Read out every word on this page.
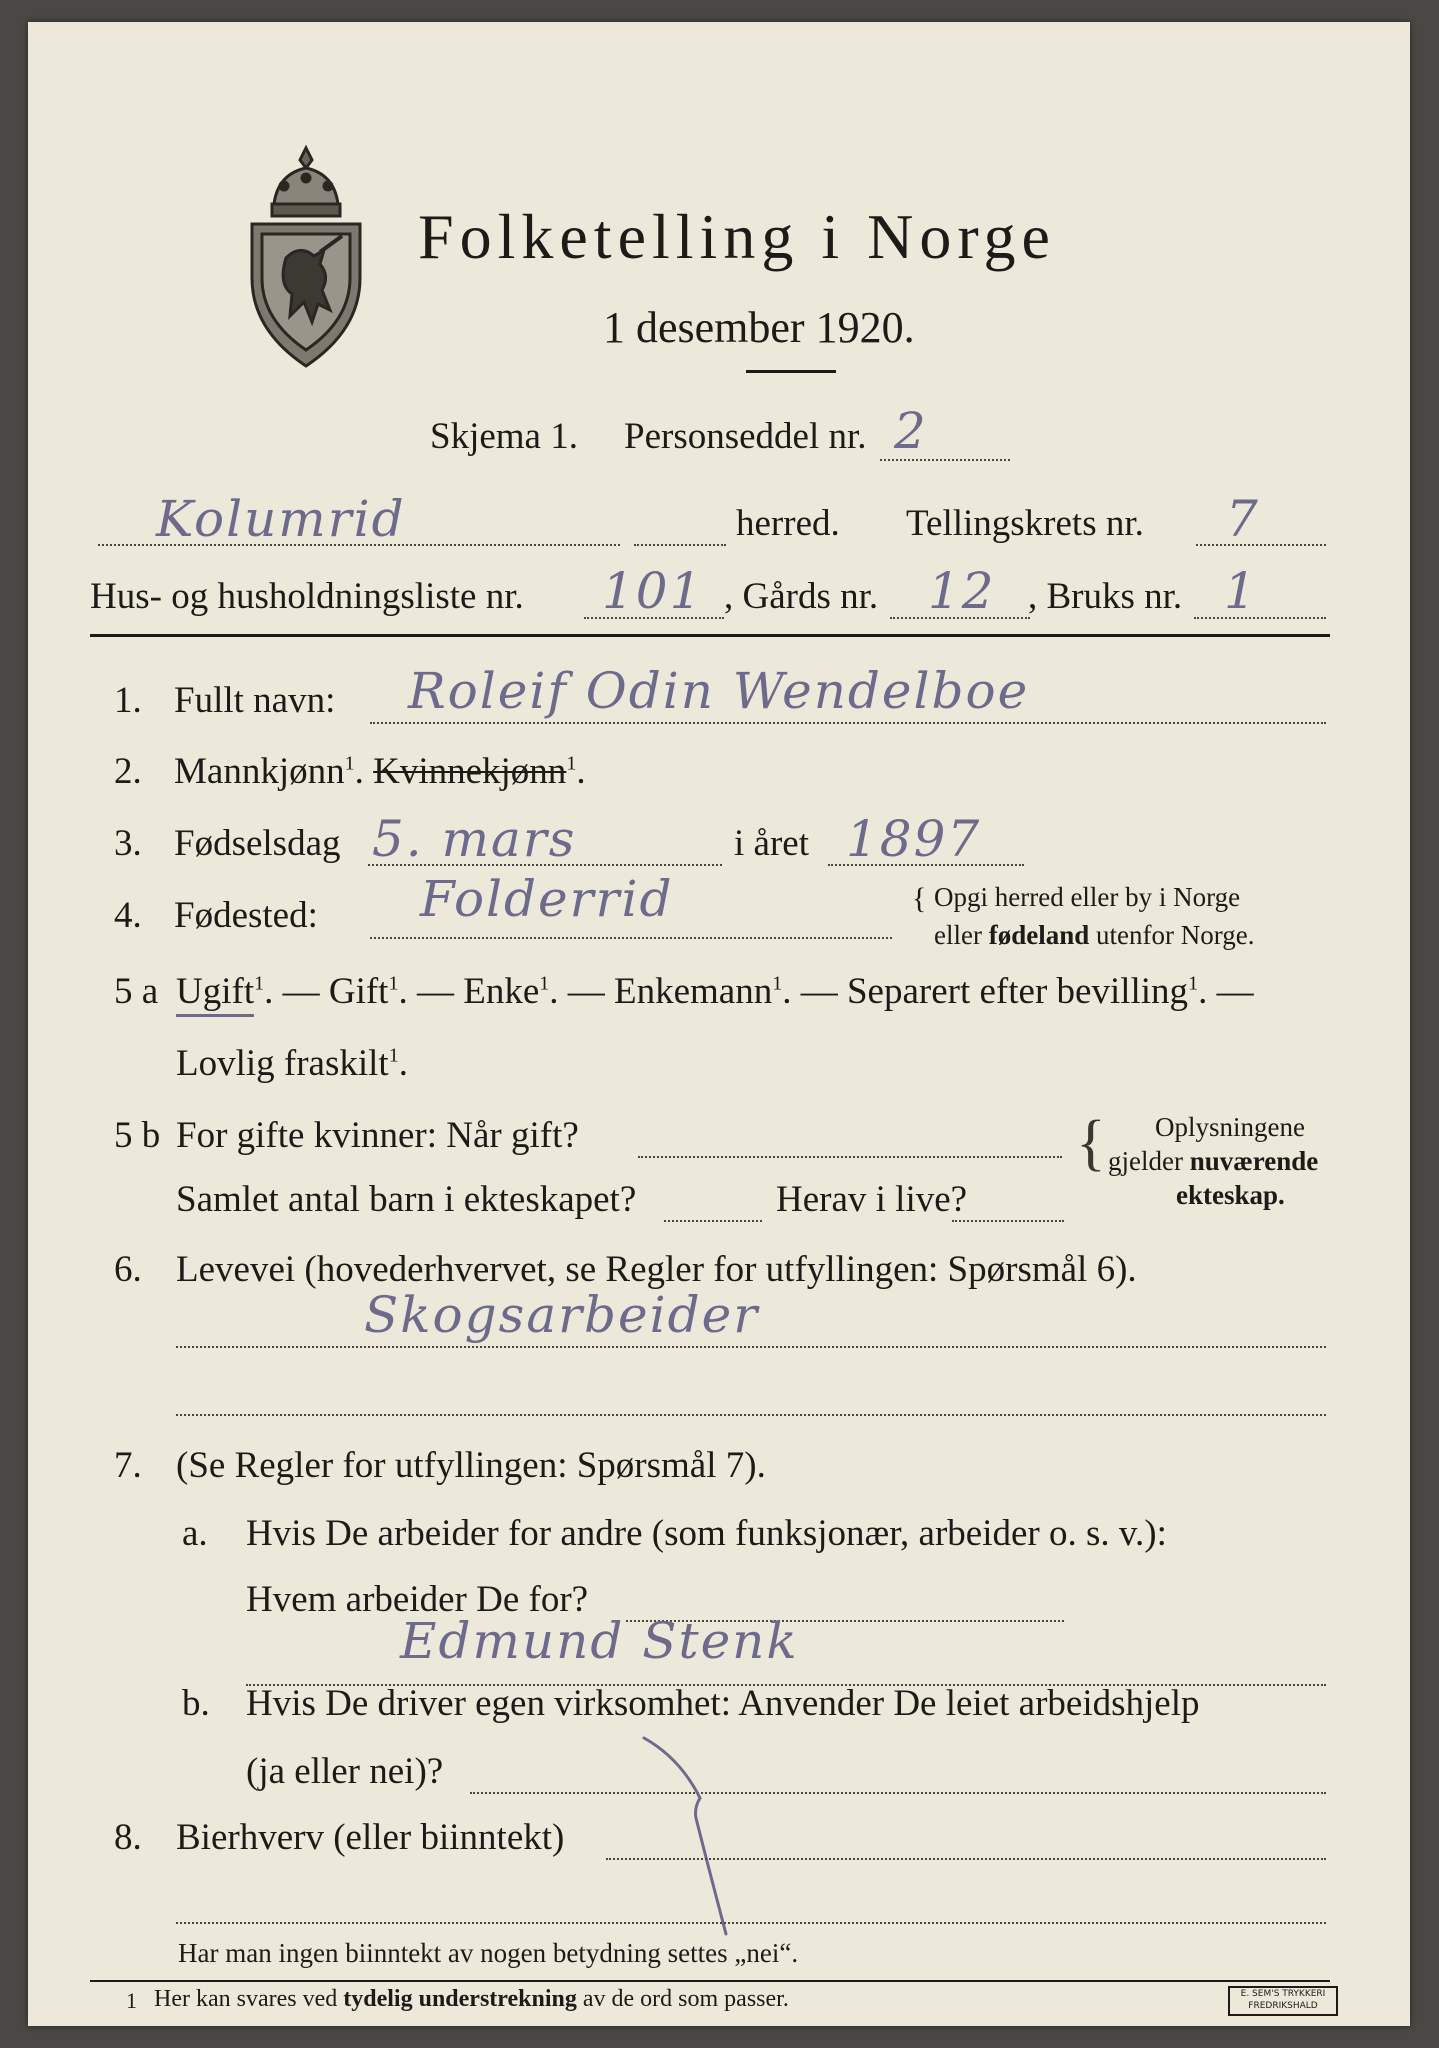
Folketelling i Norge
1 desember 1920.
Skjema 1. Personseddel nr. 2
Kolumrid	herred. Tellingskrets nr. 7
Hus- og husholdningsliste nr. 101 , Gårds nr. 12 , Bruks nr. 1
1. Fullt navn: Roleif Odin Wendelboe
2. Mannkjønn$^1$. Kvinnekjønn$^1$.
3. Fødselsdag 5. mars	i året 1897
4. Fødested: Folderrid	{ Opgi herred eller by i Norge
eller fødeland utenfor Norge.
5 a Ugift$^1$. — Gift$^1$. — Enke$^1$. — Enkemann$^1$. — Separert efter bevilling$^1$. —
Lovlig fraskilt$^1$.
5 b For gifte kvinner: Når gift?
Samlet antal barn i ekteskapet?	Herav i live?
{ Oplysningene
gjelder nuværende
ekteskap.
6. Levevei (hovederhvervet, se Regler for utfyllingen: Spørsmål 6).
Skogsarbeider
7. (Se Regler for utfyllingen: Spørsmål 7).
a. Hvis De arbeider for andre (som funksjonær, arbeider o. s. v.):
Hvem arbeider De for?
Edmund Stenk
b. Hvis De driver egen virksomhet: Anvender De leiet arbeidshjelp
(ja eller nei)?
8. Bierhverv (eller biinntekt)
Har man ingen biinntekt av nogen betydning settes „nei“.
1 Her kan svares ved tydelig understrekning av de ord som passer.	E. SEM'S TRYKKERI
FREDRIKSHALD
